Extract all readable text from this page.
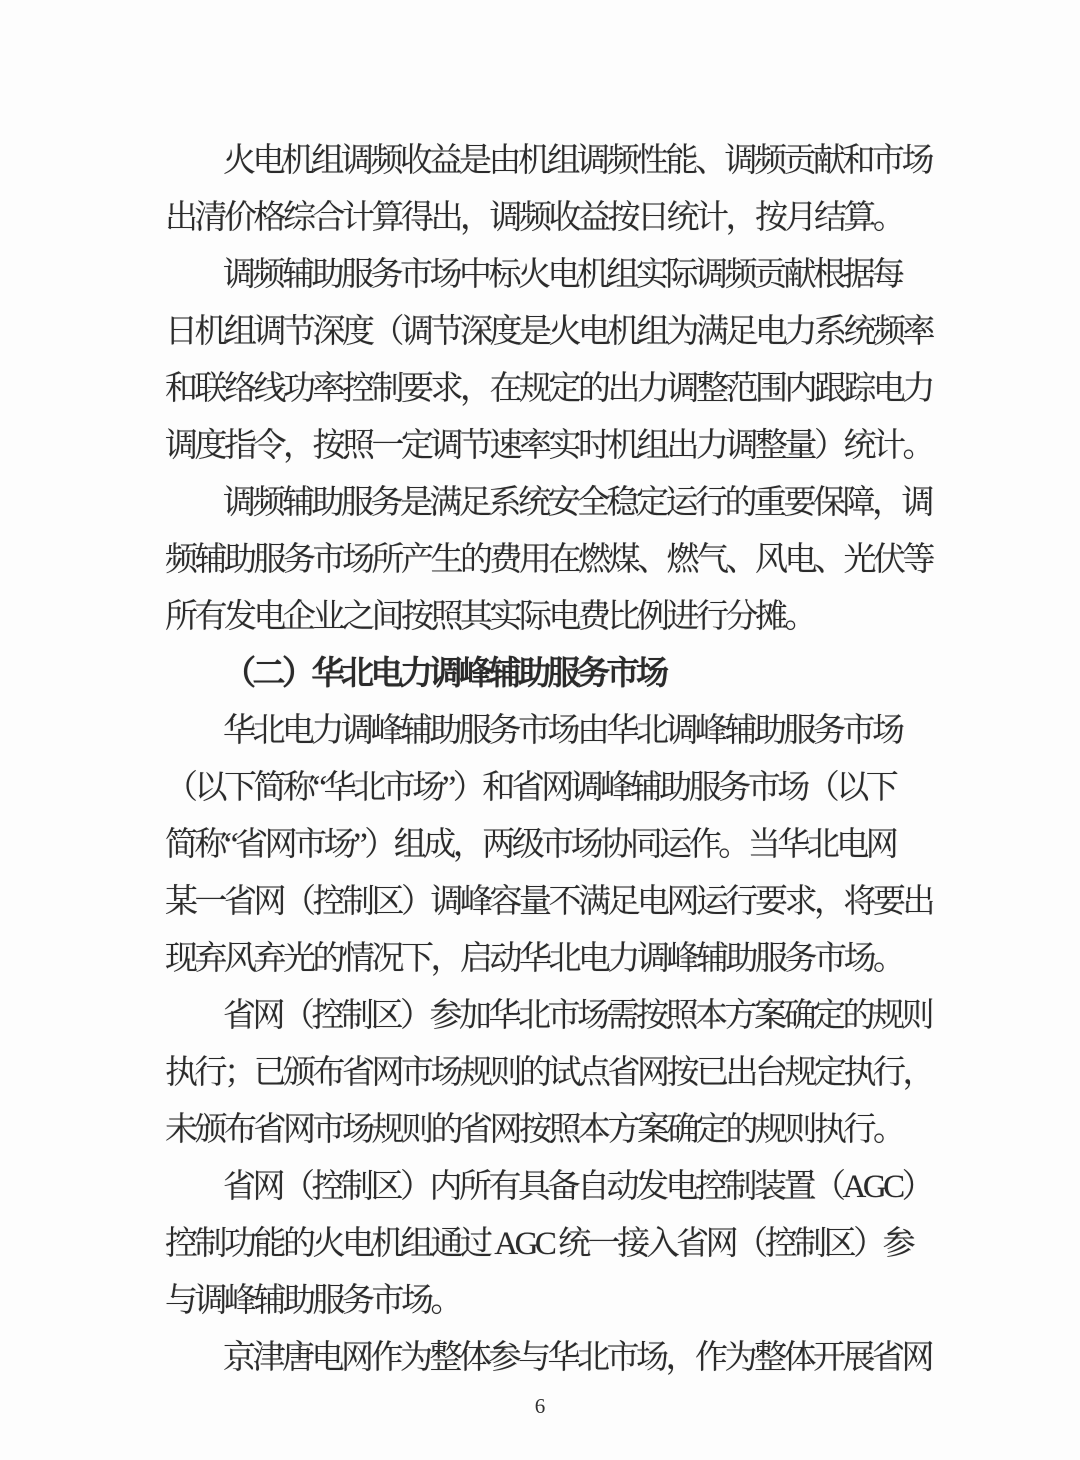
火电机组调频收益是由机组调频性能、调频贡献和市场
出清价格综合计算得出，调频收益按日统计，按月结算。
调频辅助服务市场中标火电机组实际调频贡献根据每
日机组调节深度（调节深度是火电机组为满足电力系统频率
和联络线功率控制要求，在规定的出力调整范围内跟踪电力
调度指令，按照一定调节速率实时机组出力调整量）统计。
调频辅助服务是满足系统安全稳定运行的重要保障，调
频辅助服务市场所产生的费用在燃煤、燃气、风电、光伏等
所有发电企业之间按照其实际电费比例进行分摊。
（二）华北电力调峰辅助服务市场
华北电力调峰辅助服务市场由华北调峰辅助服务市场
（以下简称“华北市场”）和省网调峰辅助服务市场（以下
简称“省网市场”）组成，两级市场协同运作。当华北电网
某一省网（控制区）调峰容量不满足电网运行要求，将要出
现弃风弃光的情况下，启动华北电力调峰辅助服务市场。
省网（控制区）参加华北市场需按照本方案确定的规则
执行；已颁布省网市场规则的试点省网按已出台规定执行，
未颁布省网市场规则的省网按照本方案确定的规则执行。
省网（控制区）内所有具备自动发电控制装置（AGC）
控制功能的火电机组通过 AGC 统一接入省网（控制区）参
与调峰辅助服务市场。
京津唐电网作为整体参与华北市场，作为整体开展省网
6
